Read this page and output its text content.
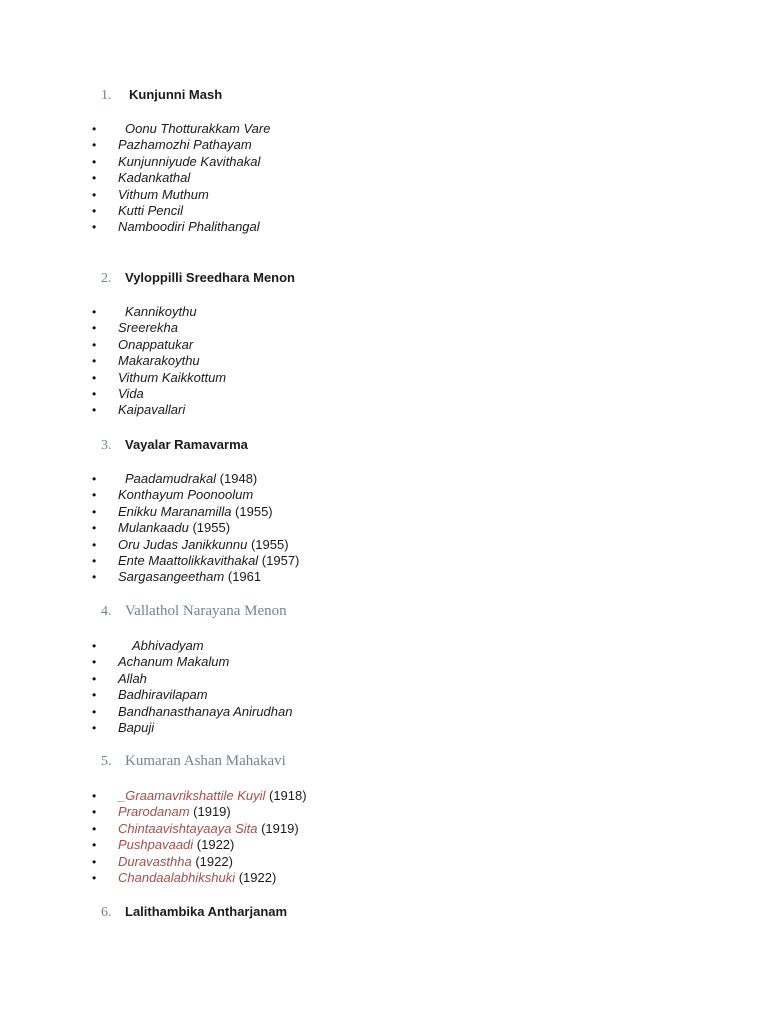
1. Kunjunni Mash
• Oonu Thotturakkam Vare
• Pazhamozhi Pathayam
• Kunjunniyude Kavithakal
• Kadankathal
• Vithum Muthum
• Kutti Pencil
• Namboodiri Phalithangal
2. Vyloppilli Sreedhara Menon
• Kannikoythu
• Sreerekha
• Onappatukar
• Makarakoythu
• Vithum Kaikkottum
• Vida
• Kaipavallari
3. Vayalar Ramavarma
• Paadamudrakal (1948)
• Konthayum Poonoolum
• Enikku Maranamilla (1955)
• Mulankaadu (1955)
• Oru Judas Janikkunnu (1955)
• Ente Maattolikkavithakal (1957)
• Sargasangeetham (1961
4. Vallathol Narayana Menon
•	Abhivadyam
• Achanum Makalum
• Allah
• Badhiravilapam
• Bandhanasthanaya Anirudhan
• Bapuji
5. Kumaran Ashan Mahakavi
• _Graamavrikshattile Kuyil (1918)
• Prarodanam (1919)
• Chintaavishtayaaya Sita (1919)
• Pushpavaadi (1922)
• Duravasthha (1922)
• Chandaalabhikshuki (1922)
6. Lalithambika Antharjanam
